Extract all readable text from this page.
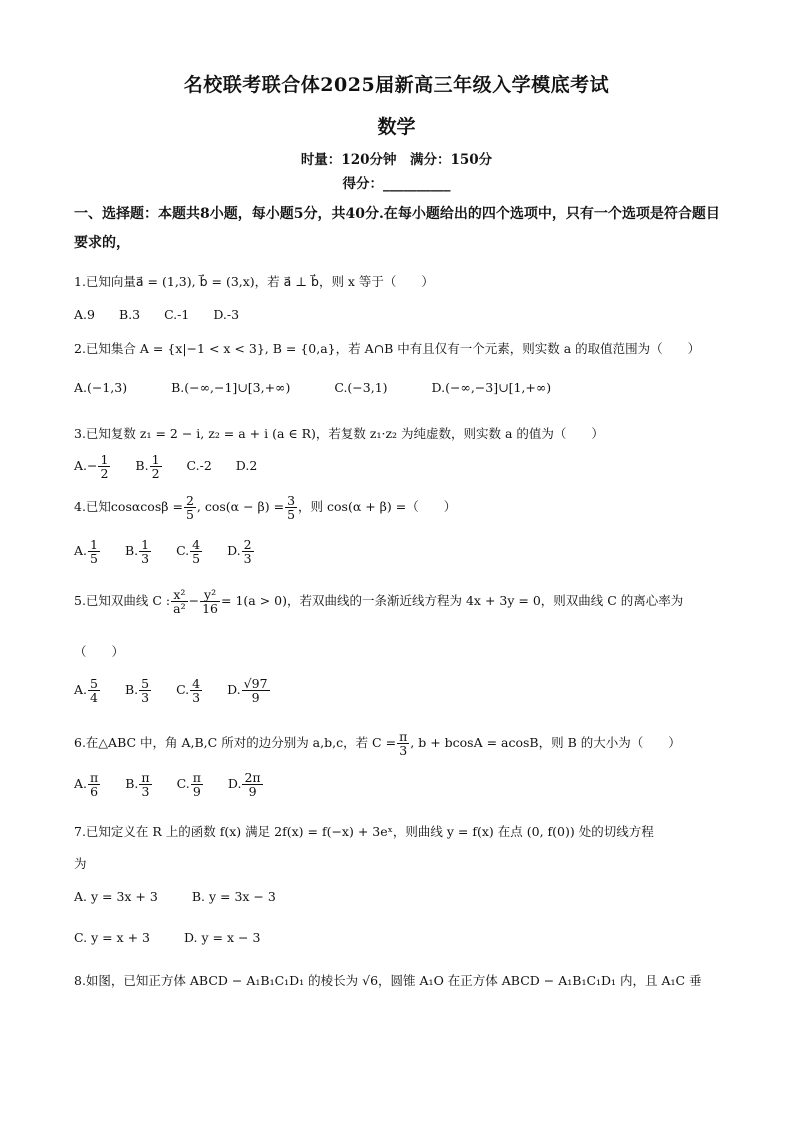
名校联考联合体2025届新高三年级入学模底考试
数学
时量：120分钟　满分：150分
得分：__________
一、选择题：本题共8小题，每小题5分，共40分.在每小题给出的四个选项中，只有一个选项是符合题目要求的，
1.已知向量a⃗ = (1,3), b⃗ = (3,x)，若 a⃗ ⊥ b⃗，则 x 等于（　　）
A.9 B.3 C.-1 D.-3
2.已知集合 A = {x|−1 < x < 3}, B = {0,a}，若 A∩B 中有且仅有一个元素，则实数 a 的取值范围为（　　）
A.(−1,3)	B.(−∞,−1]∪[3,+∞)	C.(−3,1)	D.(−∞,−3]∪[1,+∞)
3.已知复数 z₁ = 2 − i, z₂ = a + i (a ∈ R)，若复数 z₁·z₂ 为纯虚数，则实数 a 的值为（　　）
$A.- \frac{1}{2} B$. $\frac{1}{2} C.-2$ D.2
4.已知$\cos\alpha\cos\beta = \frac{2}{5}$ , $\cos(\alpha - \beta) = \frac{3}{5}$ ，则 cos(α + β) =（　　）
A. $\frac{1}{5} B$. $\frac{1}{3} C$. $\frac{4}{5} D$. $\frac{2}{3}$
5.已知双曲线 C : $\frac{\text{x²}}{\text{a²}} - \frac{\text{y²}}{16} = 1(a > 0)$，若双曲线的一条渐近线方程为 4x + 3y = 0，则双曲线 C 的离心率为
（　　）
A. $\frac{5}{4} B$. $\frac{5}{3} C$. $\frac{4}{3} D$. $\frac{√97}{9}$
6.在△ABC 中，角 A,B,C 所对的边分别为 a,b,c，若 $C = \frac{\pi}{3}$ , b + bcosA = acosB，则 B 的大小为（　　）
A. $\frac{\pi}{6} B$. $\frac{\pi}{3} C$. $\frac{\pi}{9} D$. $\frac{2\pi}{9}$
7.已知定义在 R 上的函数 f(x) 满足 2f(x) = f(−x) + 3eˣ，则曲线 y = f(x) 在点 (0, f(0)) 处的切线方程
为
A. y = 3x + 3	B. y = 3x − 3
C. y = x + 3	D. y = x − 3
8.如图，已知正方体 ABCD − A₁B₁C₁D₁ 的棱长为 √6，圆锥 A₁O 在正方体 ABCD − A₁B₁C₁D₁ 内，且 A₁C 垂
